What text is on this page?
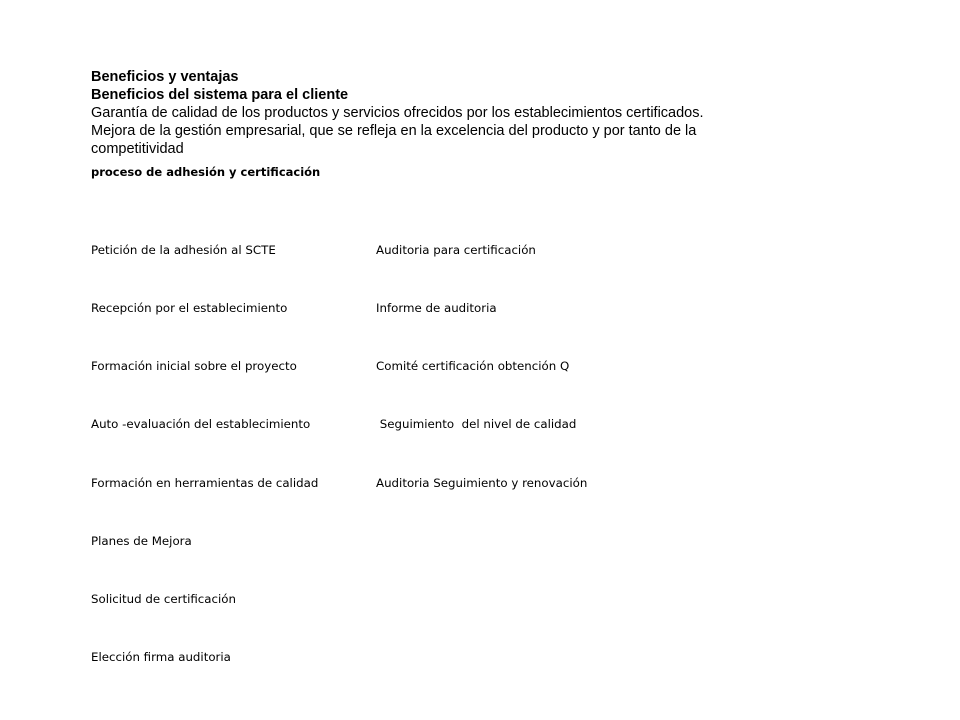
Beneficios y ventajas
Beneficios del sistema para el cliente
Garantía de calidad de los productos y servicios ofrecidos por los establecimientos certificados.
Mejora de la gestión empresarial, que se refleja en la excelencia del producto y por tanto de la
competitividad
proceso de adhesión y certificación

Petición de la adhesión al SCTE

Recepción por el establecimiento

Formación inicial sobre el proyecto

Auto -evaluación del establecimiento

Formación en herramientas de calidad

Planes de Mejora

Solicitud de certificación

Elección firma auditoria

Auditoria para certificación

Informe de auditoria

Comité certificación obtención Q

Seguimiento  del nivel de calidad

Auditoria Seguimiento y renovación
